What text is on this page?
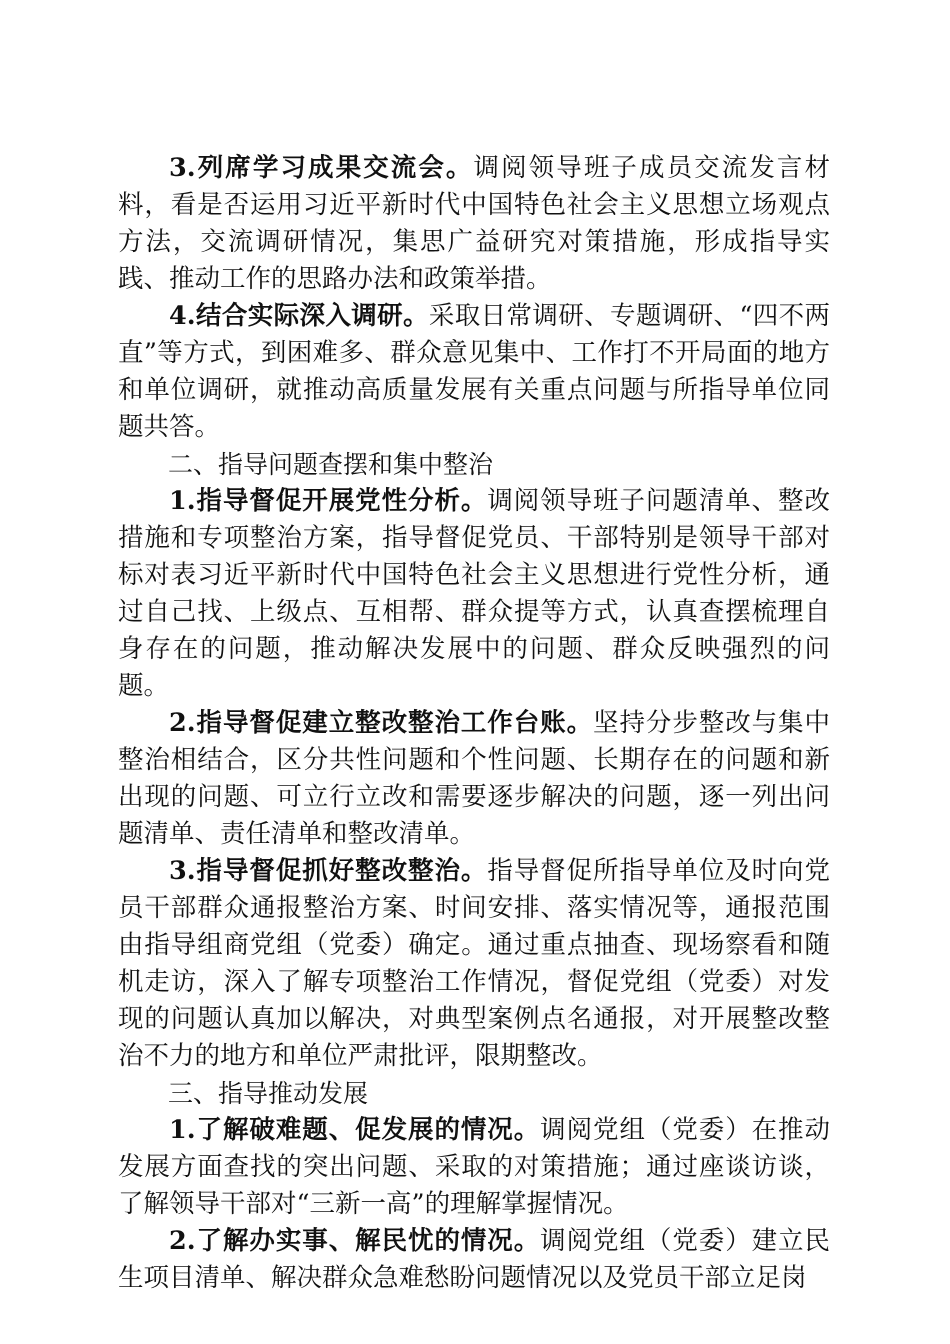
3.列席学习成果交流会。调阅领导班子成员交流发言材料，看是否运用习近平新时代中国特色社会主义思想立场观点方法，交流调研情况，集思广益研究对策措施，形成指导实践、推动工作的思路办法和政策举措。

4.结合实际深入调研。采取日常调研、专题调研、“四不两直”等方式，到困难多、群众意见集中、工作打不开局面的地方和单位调研，就推动高质量发展有关重点问题与所指导单位同题共答。

二、指导问题查摆和集中整治

1.指导督促开展党性分析。调阅领导班子问题清单、整改措施和专项整治方案，指导督促党员、干部特别是领导干部对标对表习近平新时代中国特色社会主义思想进行党性分析，通过自己找、上级点、互相帮、群众提等方式，认真查摆梳理自身存在的问题，推动解决发展中的问题、群众反映强烈的问题。

2.指导督促建立整改整治工作台账。坚持分步整改与集中整治相结合，区分共性问题和个性问题、长期存在的问题和新出现的问题、可立行立改和需要逐步解决的问题，逐一列出问题清单、责任清单和整改清单。

3.指导督促抓好整改整治。指导督促所指导单位及时向党员干部群众通报整治方案、时间安排、落实情况等，通报范围由指导组商党组（党委）确定。通过重点抽查、现场察看和随机走访，深入了解专项整治工作情况，督促党组（党委）对发现的问题认真加以解决，对典型案例点名通报，对开展整改整治不力的地方和单位严肃批评，限期整改。

三、指导推动发展

1.了解破难题、促发展的情况。调阅党组（党委）在推动发展方面查找的突出问题、采取的对策措施；通过座谈访谈，了解领导干部对“三新一高”的理解掌握情况。

2.了解办实事、解民忧的情况。调阅党组（党委）建立民生项目清单、解决群众急难愁盼问题情况以及党员干部立足岗
